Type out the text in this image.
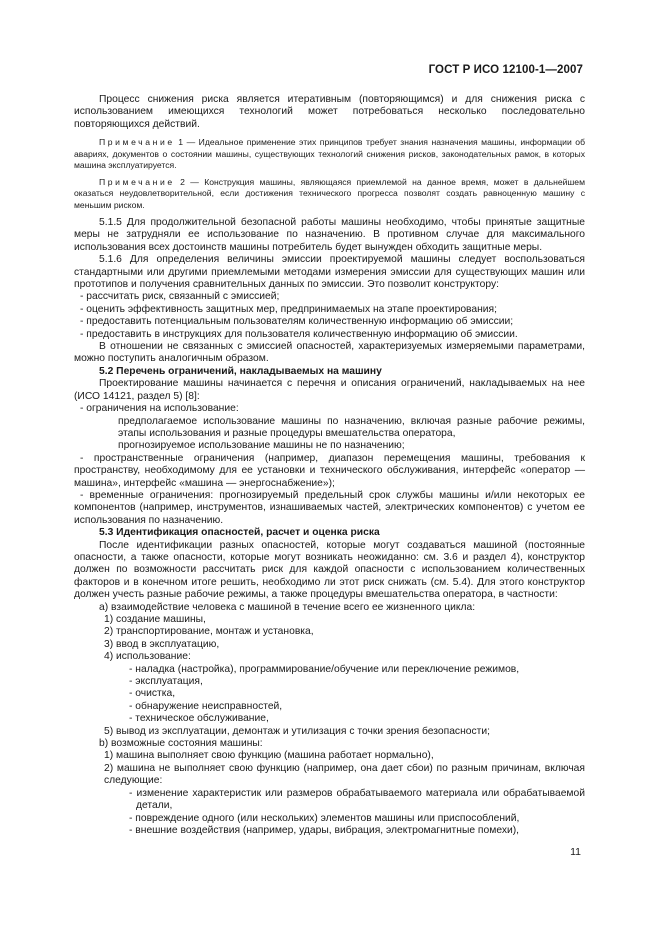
ГОСТ Р ИСО 12100-1—2007

Процесс снижения риска является итеративным (повторяющимся) и для снижения риска с использованием имеющихся технологий может потребоваться несколько последовательно повторяющихся действий.

Примечание 1 — Идеальное применение этих принципов требует знания назначения машины, информации об авариях, документов о состоянии машины, существующих технологий снижения рисков, законодательных рамок, в которых машина эксплуатируется.

Примечание 2 — Конструкция машины, являющаяся приемлемой на данное время, может в дальнейшем оказаться неудовлетворительной, если достижения технического прогресса позволят создать равноценную машину с меньшим риском.

5.1.5 Для продолжительной безопасной работы машины необходимо, чтобы принятые защитные меры не затрудняли ее использование по назначению. В противном случае для максимального использования всех достоинств машины потребитель будет вынужден обходить защитные меры.

5.1.6 Для определения величины эмиссии проектируемой машины следует воспользоваться стандартными или другими приемлемыми методами измерения эмиссии для существующих машин или прототипов и получения сравнительных данных по эмиссии. Это позволит конструктору:

- рассчитать риск, связанный с эмиссией;

- оценить эффективность защитных мер, предпринимаемых на этапе проектирования;

- предоставить потенциальным пользователям количественную информацию об эмиссии;

- предоставить в инструкциях для пользователя количественную информацию об эмиссии.

В отношении не связанных с эмиссией опасностей, характеризуемых измеряемыми параметрами, можно поступить аналогичным образом.

5.2 Перечень ограничений, накладываемых на машину

Проектирование машины начинается с перечня и описания ограничений, накладываемых на нее (ИСО 14121, раздел 5) [8]:

- ограничения на использование:

предполагаемое использование машины по назначению, включая разные рабочие режимы, этапы использования и разные процедуры вмешательства оператора,

прогнозируемое использование машины не по назначению;

- пространственные ограничения (например, диапазон перемещения машины, требования к пространству, необходимому для ее установки и технического обслуживания, интерфейс «оператор — машина», интерфейс «машина — энергоснабжение»);

- временные ограничения: прогнозируемый предельный срок службы машины и/или некоторых ее компонентов (например, инструментов, изнашиваемых частей, электрических компонентов) с учетом ее использования по назначению.

5.3 Идентификация опасностей, расчет и оценка риска

После идентификации разных опасностей, которые могут создаваться машиной (постоянные опасности, а также опасности, которые могут возникать неожиданно: см. 3.6 и раздел 4), конструктор должен по возможности рассчитать риск для каждой опасности с использованием количественных факторов и в конечном итоге решить, необходимо ли этот риск снижать (см. 5.4). Для этого конструктор должен учесть разные рабочие режимы, а также процедуры вмешательства оператора, в частности:

a) взаимодействие человека с машиной в течение всего ее жизненного цикла:

1) создание машины,

2) транспортирование, монтаж и установка,

3) ввод в эксплуатацию,

4) использование:

- наладка (настройка), программирование/обучение или переключение режимов,

- эксплуатация,

- очистка,

- обнаружение неисправностей,

- техническое обслуживание,

5) вывод из эксплуатации, демонтаж и утилизация с точки зрения безопасности;

b) возможные состояния машины:

1) машина выполняет свою функцию (машина работает нормально),

2) машина не выполняет свою функцию (например, она дает сбои) по разным причинам, включая следующие:

- изменение характеристик или размеров обрабатываемого материала или обрабатываемой детали,

- повреждение одного (или нескольких) элементов машины или приспособлений,

- внешние воздействия (например, удары, вибрация, электромагнитные помехи),

11
